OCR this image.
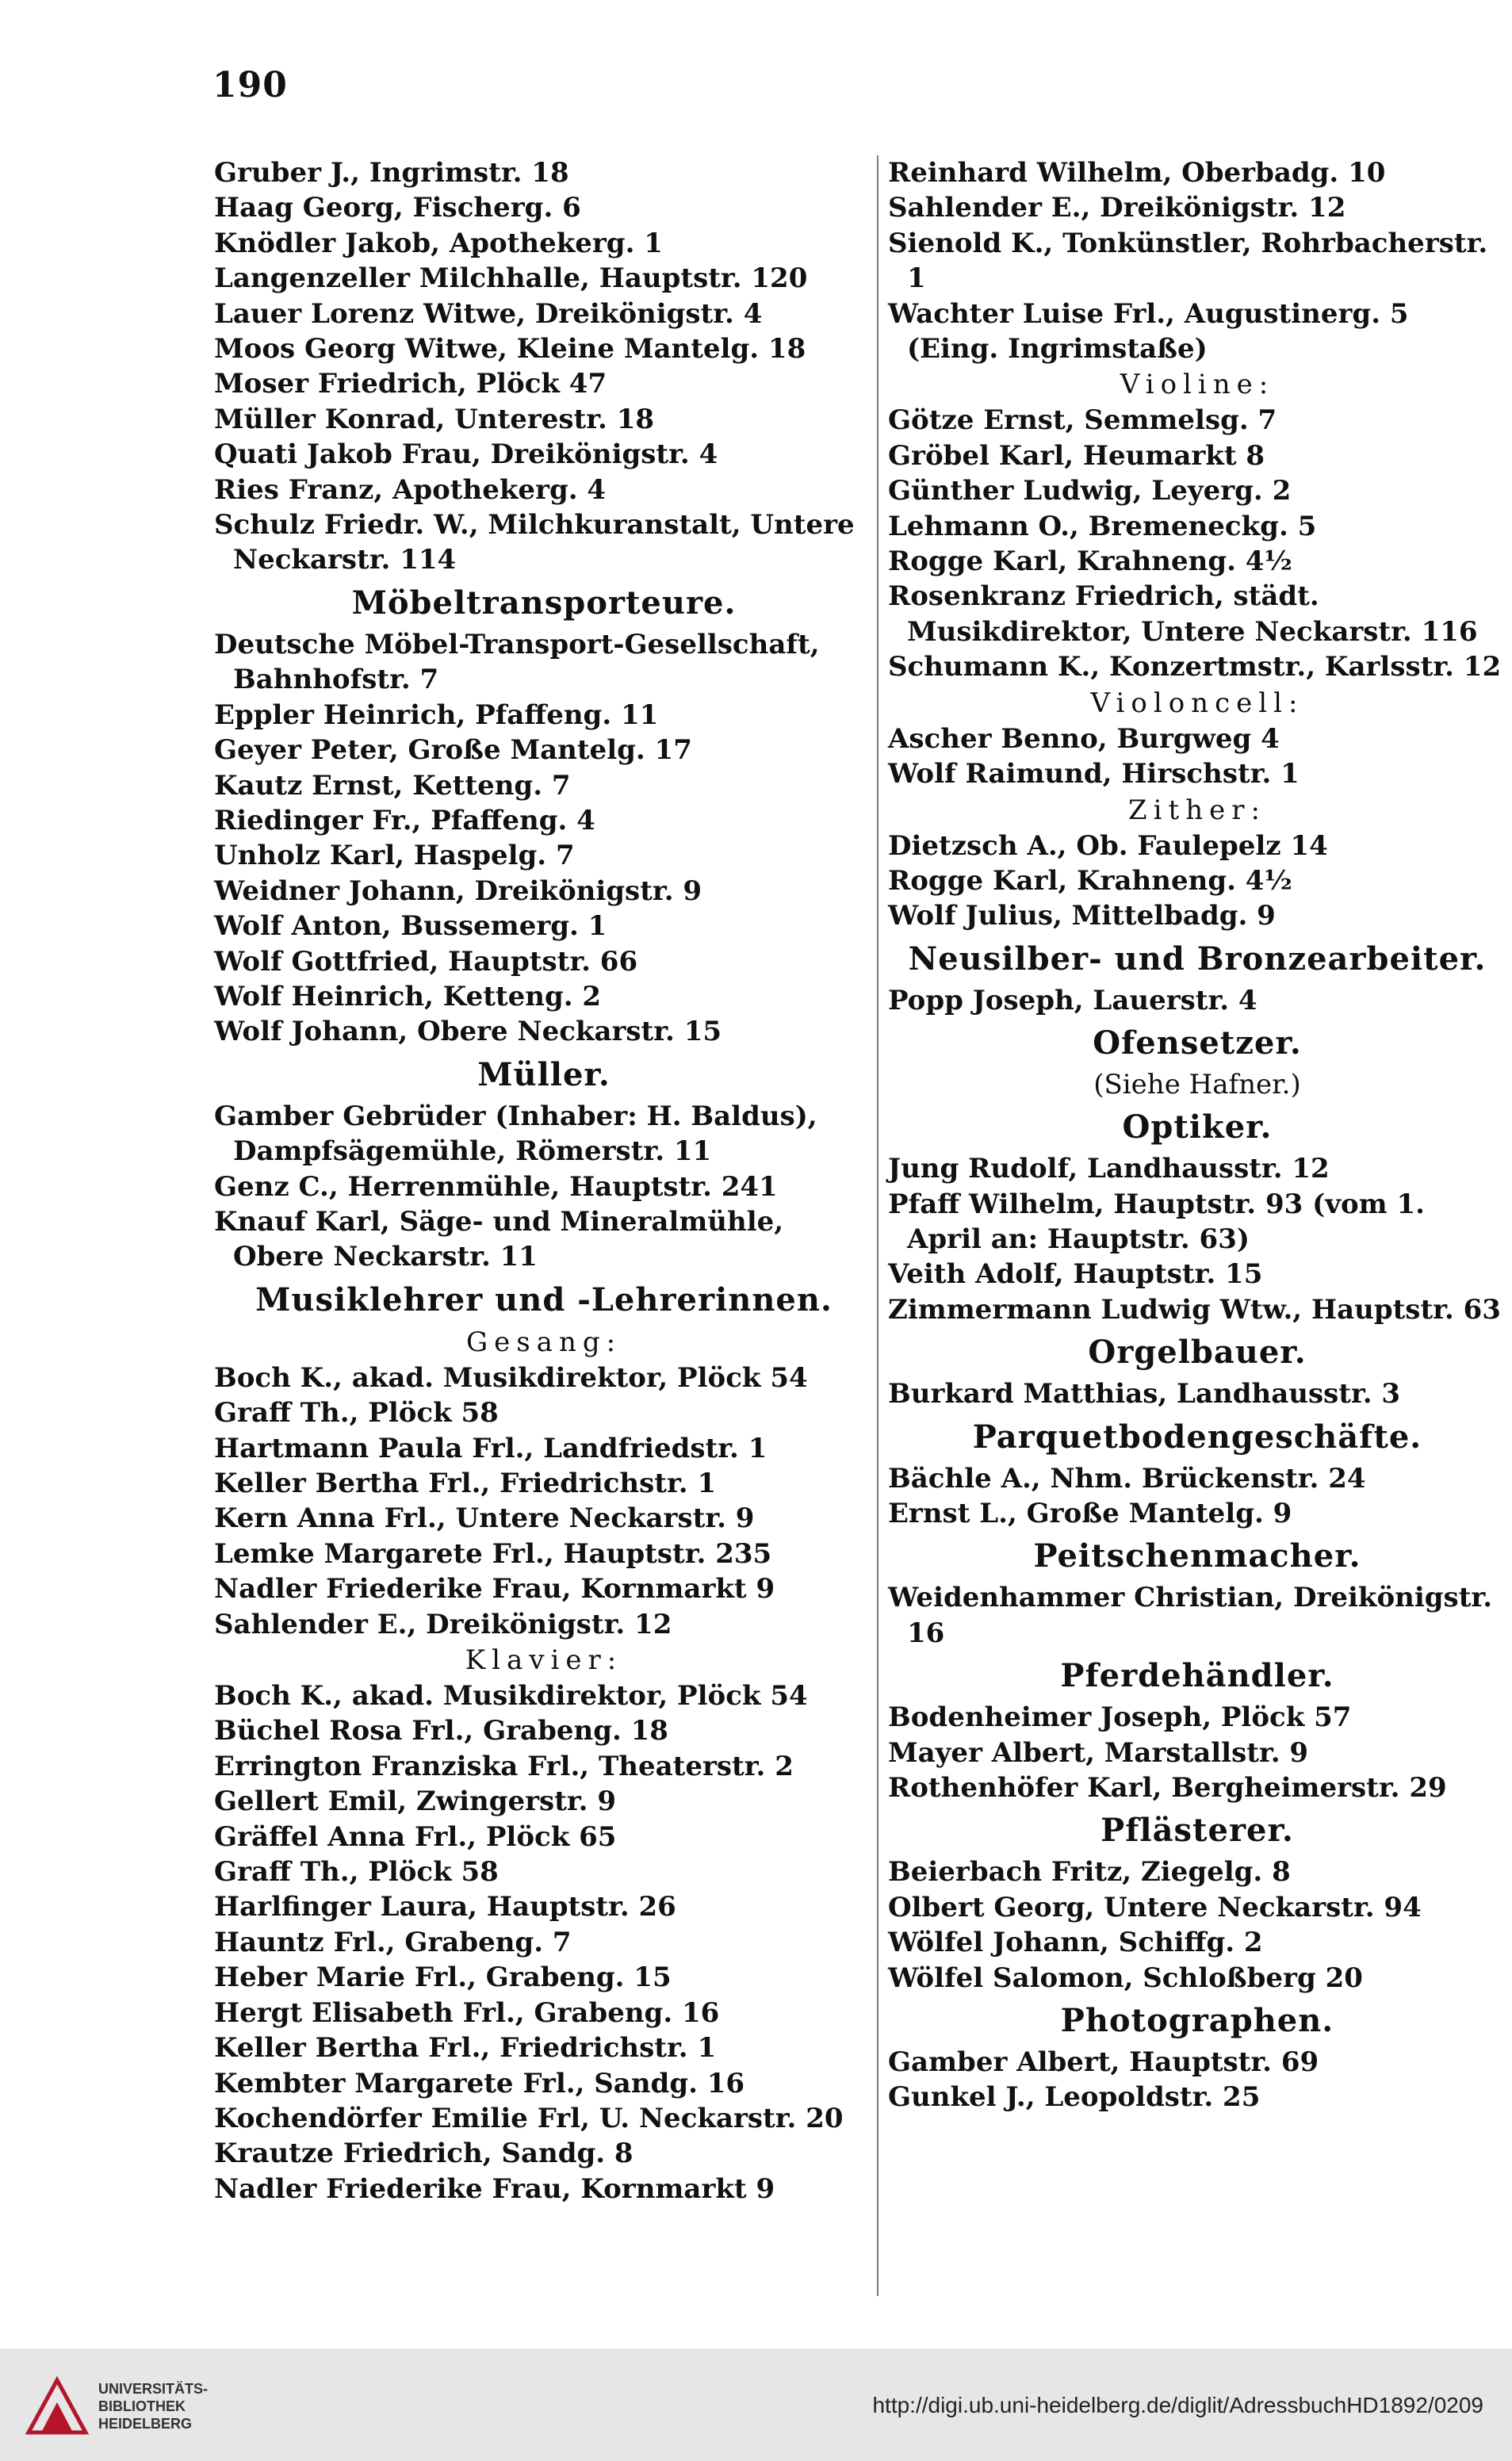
190
Gruber J., Ingrimstr. 18
Haag Georg, Fischerg. 6
Knödler Jakob, Apothekerg. 1
Langenzeller Milchhalle, Hauptstr. 120
Lauer Lorenz Witwe, Dreikönigstr. 4
Moos Georg Witwe, Kleine Mantelg. 18
Moser Friedrich, Plöck 47
Müller Konrad, Unterestr. 18
Quati Jakob Frau, Dreikönigstr. 4
Ries Franz, Apothekerg. 4
Schulz Friedr. W., Milchkuranstalt, Untere Neckarstr. 114
Möbeltransporteure.
Deutsche Möbel-Transport-Gesellschaft, Bahnhofstr. 7
Eppler Heinrich, Pfaffeng. 11
Geyer Peter, Große Mantelg. 17
Kautz Ernst, Ketteng. 7
Riedinger Fr., Pfaffeng. 4
Unholz Karl, Haspelg. 7
Weidner Johann, Dreikönigstr. 9
Wolf Anton, Bussemerg. 1
Wolf Gottfried, Hauptstr. 66
Wolf Heinrich, Ketteng. 2
Wolf Johann, Obere Neckarstr. 15
Müller.
Gamber Gebrüder (Inhaber: H. Baldus), Dampfsägemühle, Römerstr. 11
Genz C., Herrenmühle, Hauptstr. 241
Knauf Karl, Säge- und Mineralmühle, Obere Neckarstr. 11
Musiklehrer und -Lehrerinnen.
Gesang:
Boch K., akad. Musikdirektor, Plöck 54
Graff Th., Plöck 58
Hartmann Paula Frl., Landfriedstr. 1
Keller Bertha Frl., Friedrichstr. 1
Kern Anna Frl., Untere Neckarstr. 9
Lemke Margarete Frl., Hauptstr. 235
Nadler Friederike Frau, Kornmarkt 9
Sahlender E., Dreikönigstr. 12
Klavier:
Boch K., akad. Musikdirektor, Plöck 54
Büchel Rosa Frl., Grabeng. 18
Errington Franziska Frl., Theaterstr. 2
Gellert Emil, Zwingerstr. 9
Gräffel Anna Frl., Plöck 65
Graff Th., Plöck 58
Harlfinger Laura, Hauptstr. 26
Hauntz Frl., Grabeng. 7
Heber Marie Frl., Grabeng. 15
Hergt Elisabeth Frl., Grabeng. 16
Keller Bertha Frl., Friedrichstr. 1
Kembter Margarete Frl., Sandg. 16
Kochendörfer Emilie Frl, U. Neckarstr. 20
Krautze Friedrich, Sandg. 8
Nadler Friederike Frau, Kornmarkt 9
Reinhard Wilhelm, Oberbadg. 10
Sahlender E., Dreikönigstr. 12
Sienold K., Tonkünstler, Rohrbacherstr. 1
Wachter Luise Frl., Augustinerg. 5 (Eing. Ingrimstaße)
Violine:
Götze Ernst, Semmelsg. 7
Gröbel Karl, Heumarkt 8
Günther Ludwig, Leyerg. 2
Lehmann O., Bremeneckg. 5
Rogge Karl, Krahneng. 4½
Rosenkranz Friedrich, städt. Musikdirektor, Untere Neckarstr. 116
Schumann K., Konzertmstr., Karlsstr. 12
Violoncell:
Ascher Benno, Burgweg 4
Wolf Raimund, Hirschstr. 1
Zither:
Dietzsch A., Ob. Faulepelz 14
Rogge Karl, Krahneng. 4½
Wolf Julius, Mittelbadg. 9
Neusilber- und Bronzearbeiter.
Popp Joseph, Lauerstr. 4
Ofensetzer.
(Siehe Hafner.)
Optiker.
Jung Rudolf, Landhausstr. 12
Pfaff Wilhelm, Hauptstr. 93 (vom 1. April an: Hauptstr. 63)
Veith Adolf, Hauptstr. 15
Zimmermann Ludwig Wtw., Hauptstr. 63
Orgelbauer.
Burkard Matthias, Landhausstr. 3
Parquetbodengeschäfte.
Bächle A., Nhm. Brückenstr. 24
Ernst L., Große Mantelg. 9
Peitschenmacher.
Weidenhammer Christian, Dreikönigstr. 16
Pferdehändler.
Bodenheimer Joseph, Plöck 57
Mayer Albert, Marstallstr. 9
Rothenhöfer Karl, Bergheimerstr. 29
Pflästerer.
Beierbach Fritz, Ziegelg. 8
Olbert Georg, Untere Neckarstr. 94
Wölfel Johann, Schiffg. 2
Wölfel Salomon, Schloßberg 20
Photographen.
Gamber Albert, Hauptstr. 69
Gunkel J., Leopoldstr. 25
UNIVERSITÄTS-
BIBLIOTHEK
HEIDELBERG
http://digi.ub.uni-heidelberg.de/diglit/AdressbuchHD1892/0209
